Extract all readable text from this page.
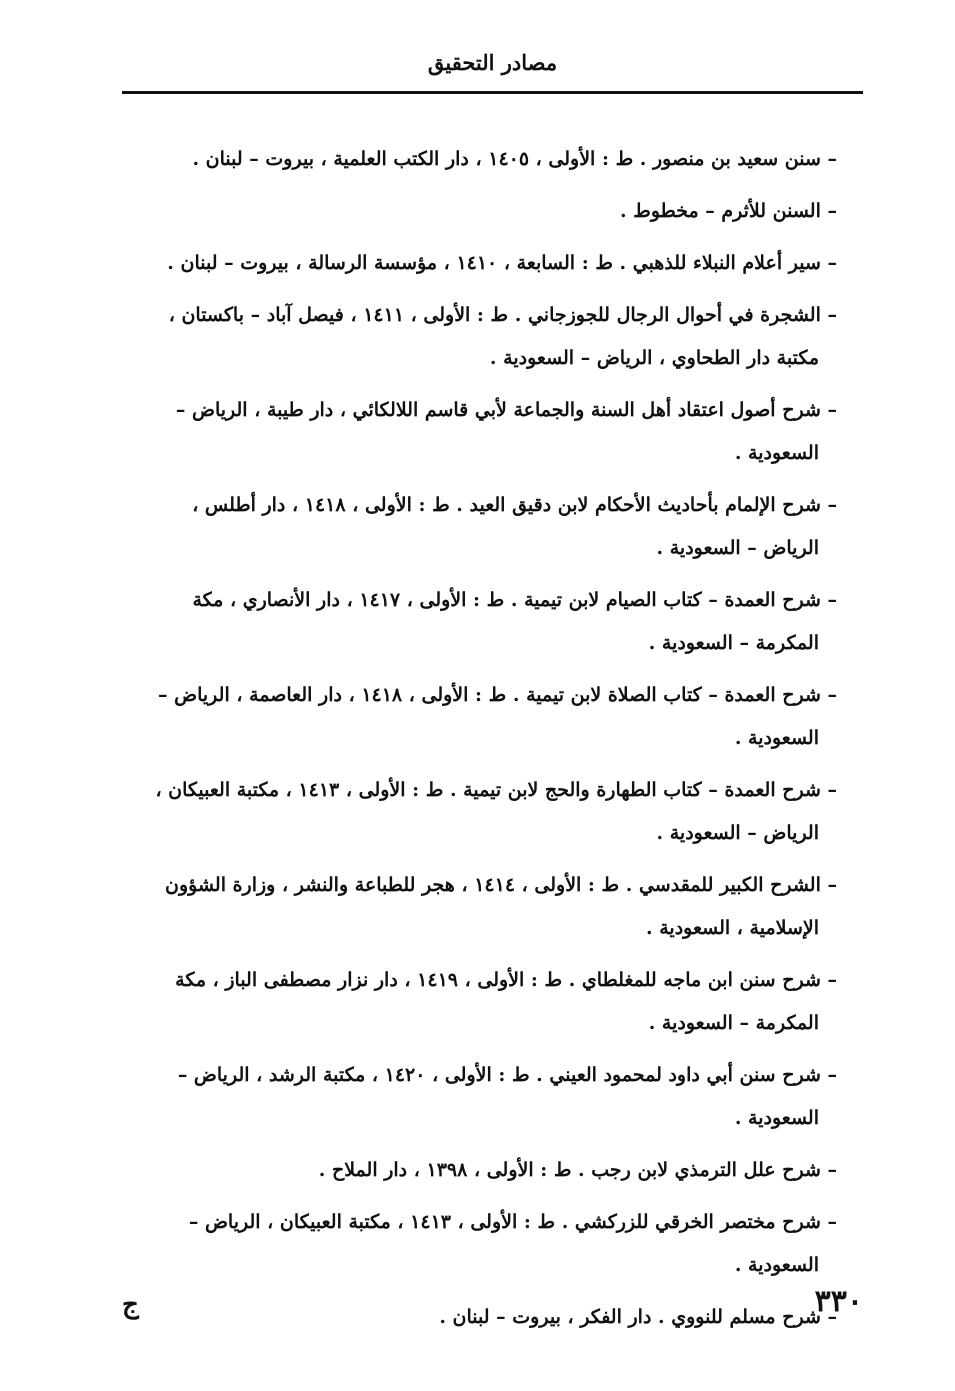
مصادر التحقيق

– سنن سعيد بن منصور . ط : الأولى ، ١٤٠٥ ، دار الكتب العلمية ، بيروت – لبنان .

– السنن للأثرم – مخطوط .

– سير أعلام النبلاء للذهبي . ط : السابعة ، ١٤١٠ ، مؤسسة الرسالة ، بيروت – لبنان .

– الشجرة في أحوال الرجال للجوزجاني . ط : الأولى ، ١٤١١ ، فيصل آباد – باكستان ، مكتبة دار الطحاوي ، الرياض – السعودية .

– شرح أصول اعتقاد أهل السنة والجماعة لأبي قاسم اللالكائي ، دار طيبة ، الرياض – السعودية .

– شرح الإلمام بأحاديث الأحكام لابن دقيق العيد . ط : الأولى ، ١٤١٨ ، دار أطلس ، الرياض – السعودية .

– شرح العمدة – كتاب الصيام لابن تيمية . ط : الأولى ، ١٤١٧ ، دار الأنصاري ، مكة المكرمة – السعودية .

– شرح العمدة – كتاب الصلاة لابن تيمية . ط : الأولى ، ١٤١٨ ، دار العاصمة ، الرياض – السعودية .

– شرح العمدة – كتاب الطهارة والحج لابن تيمية . ط : الأولى ، ١٤١٣ ، مكتبة العبيكان ، الرياض – السعودية .

– الشرح الكبير للمقدسي . ط : الأولى ، ١٤١٤ ، هجر للطباعة والنشر ، وزارة الشؤون الإسلامية ، السعودية .

– شرح سنن ابن ماجه للمغلطاي . ط : الأولى ، ١٤١٩ ، دار نزار مصطفى الباز ، مكة المكرمة – السعودية .

– شرح سنن أبي داود لمحمود العيني . ط : الأولى ، ١٤٢٠ ، مكتبة الرشد ، الرياض – السعودية .

– شرح علل الترمذي لابن رجب . ط : الأولى ، ١٣٩٨ ، دار الملاح .

– شرح مختصر الخرقي للزركشي . ط : الأولى ، ١٤١٣ ، مكتبة العبيكان ، الرياض – السعودية .

– شرح مسلم للنووي . دار الفكر ، بيروت – لبنان .

ج	٣٣٠
